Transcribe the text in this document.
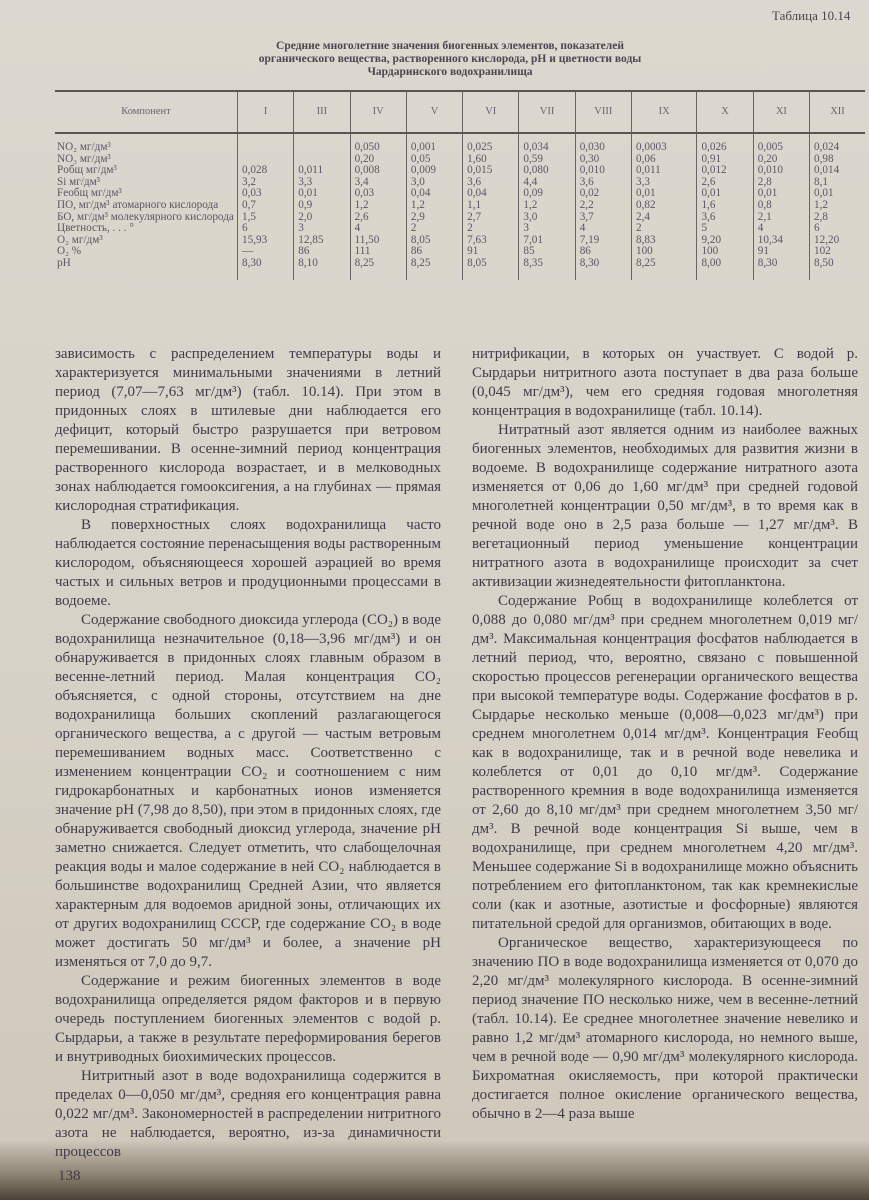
Таблица 10.14
Средние многолетние значения биогенных элементов, показателей
органического вещества, растворенного кислорода, pH и цветности воды
Чардаринского водохранилища
Компонент	I	III	IV	V	VI	VII	VIII	IX	X	XI	XII
NO₂ мг/дм³			0,050	0,001	0,025	0,034	0,030	0,0003	0,026	0,005	0,024
NO₃ мг/дм³			0,20	0,05	1,60	0,59	0,30	0,06	0,91	0,20	0,98
Pобщ мг/дм³	0,028	0,011	0,008	0,009	0,015	0,080	0,010	0,011	0,012	0,010	0,014
Si мг/дм³	3,2	3,3	3,4	3,0	3,6	4,4	3,6	3,3	2,6	2,8	8,1
Feобщ мг/дм³	0,03	0,01	0,03	0,04	0,04	0,09	0,02	0,01	0,01	0,01	0,01
ПО, мг/дм³ атомарного кислорода	0,7	0,9	1,2	1,2	1,1	1,2	2,2	0,82	1,6	0,8	1,2
БО, мг/дм³ молекулярного кислорода	1,5	2,0	2,6	2,9	2,7	3,0	3,7	2,4	3,6	2,1	2,8
Цветность, . . . °	6	3	4	2	2	3	4	2	5	4	6
O₂ мг/дм³	15,93	12,85	11,50	8,05	7,63	7,01	7,19	8,83	9,20	10,34	12,20
O₂ %	—	86	111	86	91	85	86	100	100	91	102
pH	8,30	8,10	8,25	8,25	8,05	8,35	8,30	8,25	8,00	8,30	8,50

зависимость с распределением температуры воды и характеризуется минимальными значениями в летний период (7,07—7,63 мг/дм³) (табл. 10.14). При этом в придонных слоях в штилевые дни наблюдается его дефицит, который быстро разрушается при ветровом перемешивании. В осенне-зимний период концентрация растворенного кислорода возрастает, и в мелководных зонах наблюдается гомооксигения, а на глубинах — прямая кислородная стратификация.

В поверхностных слоях водохранилища часто наблюдается состояние перенасыщения воды растворенным кислородом, объясняющееся хорошей аэрацией во время частых и сильных ветров и продуционными процессами в водоеме.

Содержание свободного диоксида углерода (CO₂) в воде водохранилища незначительное (0,18—3,96 мг/дм³) и он обнаруживается в придонных слоях главным образом в весенне-летний период. Малая концентрация CO₂ объясняется, с одной стороны, отсутствием на дне водохранилища больших скоплений разлагающегося органического вещества, а с другой — частым ветровым перемешиванием водных масс. Соответственно с изменением концентрации CO₂ и соотношением с ним гидрокарбонатных и карбонатных ионов изменяется значение pH (7,98 до 8,50), при этом в придонных слоях, где обнаруживается свободный диоксид углерода, значение pH заметно снижается. Следует отметить, что слабощелочная реакция воды и малое содержание в ней CO₂ наблюдается в большинстве водохранилищ Средней Азии, что является характерным для водоемов аридной зоны, отличающих их от других водохранилищ СССР, где содержание CO₂ в воде может достигать 50 мг/дм³ и более, а значение pH изменяться от 7,0 до 9,7.

Содержание и режим биогенных элементов в воде водохранилища определяется рядом факторов и в первую очередь поступлением биогенных элементов с водой р. Сырдарьи, а также в результате переформирования берегов и внутриводных биохимических процессов.

Нитритный азот в воде водохранилища содержится в пределах 0—0,050 мг/дм³, средняя его концентрация равна 0,022 мг/дм³. Закономерностей в распределении нитритного азота не наблюдается, вероятно, из-за динамичности процессов

нитрификации, в которых он участвует. С водой р. Сырдарьи нитритного азота поступает в два раза больше (0,045 мг/дм³), чем его средняя годовая многолетняя концентрация в водохранилище (табл. 10.14).

Нитратный азот является одним из наиболее важных биогенных элементов, необходимых для развития жизни в водоеме. В водохранилище содержание нитратного азота изменяется от 0,06 до 1,60 мг/дм³ при средней годовой многолетней концентрации 0,50 мг/дм³, в то время как в речной воде оно в 2,5 раза больше — 1,27 мг/дм³. В вегетационный период уменьшение концентрации нитратного азота в водохранилище происходит за счет активизации жизнедеятельности фитопланктона.

Содержание Pобщ в водохранилище колеблется от 0,088 до 0,080 мг/дм³ при среднем многолетнем 0,019 мг/дм³. Максимальная концентрация фосфатов наблюдается в летний период, что, вероятно, связано с повышенной скоростью процессов регенерации органического вещества при высокой температуре воды. Содержание фосфатов в р. Сырдарье несколько меньше (0,008—0,023 мг/дм³) при среднем многолетнем 0,014 мг/дм³. Концентрация Feобщ как в водохранилище, так и в речной воде невелика и колеблется от 0,01 до 0,10 мг/дм³. Содержание растворенного кремния в воде водохранилища изменяется от 2,60 до 8,10 мг/дм³ при среднем многолетнем 3,50 мг/дм³. В речной воде концентрация Si выше, чем в водохранилище, при среднем многолетнем 4,20 мг/дм³. Меньшее содержание Si в водохранилище можно объяснить потреблением его фитопланктоном, так как кремнекислые соли (как и азотные, азотистые и фосфорные) являются питательной средой для организмов, обитающих в воде.

Органическое вещество, характеризующееся по значению ПО в воде водохранилища изменяется от 0,070 до 2,20 мг/дм³ молекулярного кислорода. В осенне-зимний период значение ПО несколько ниже, чем в весенне-летний (табл. 10.14). Ее среднее многолетнее значение невелико и равно 1,2 мг/дм³ атомарного кислорода, но немного выше, чем в речной воде — 0,90 мг/дм³ молекулярного кислорода. Бихроматная окисляемость, при которой практически достигается полное окисление органического вещества, обычно в 2—4 раза выше

138
